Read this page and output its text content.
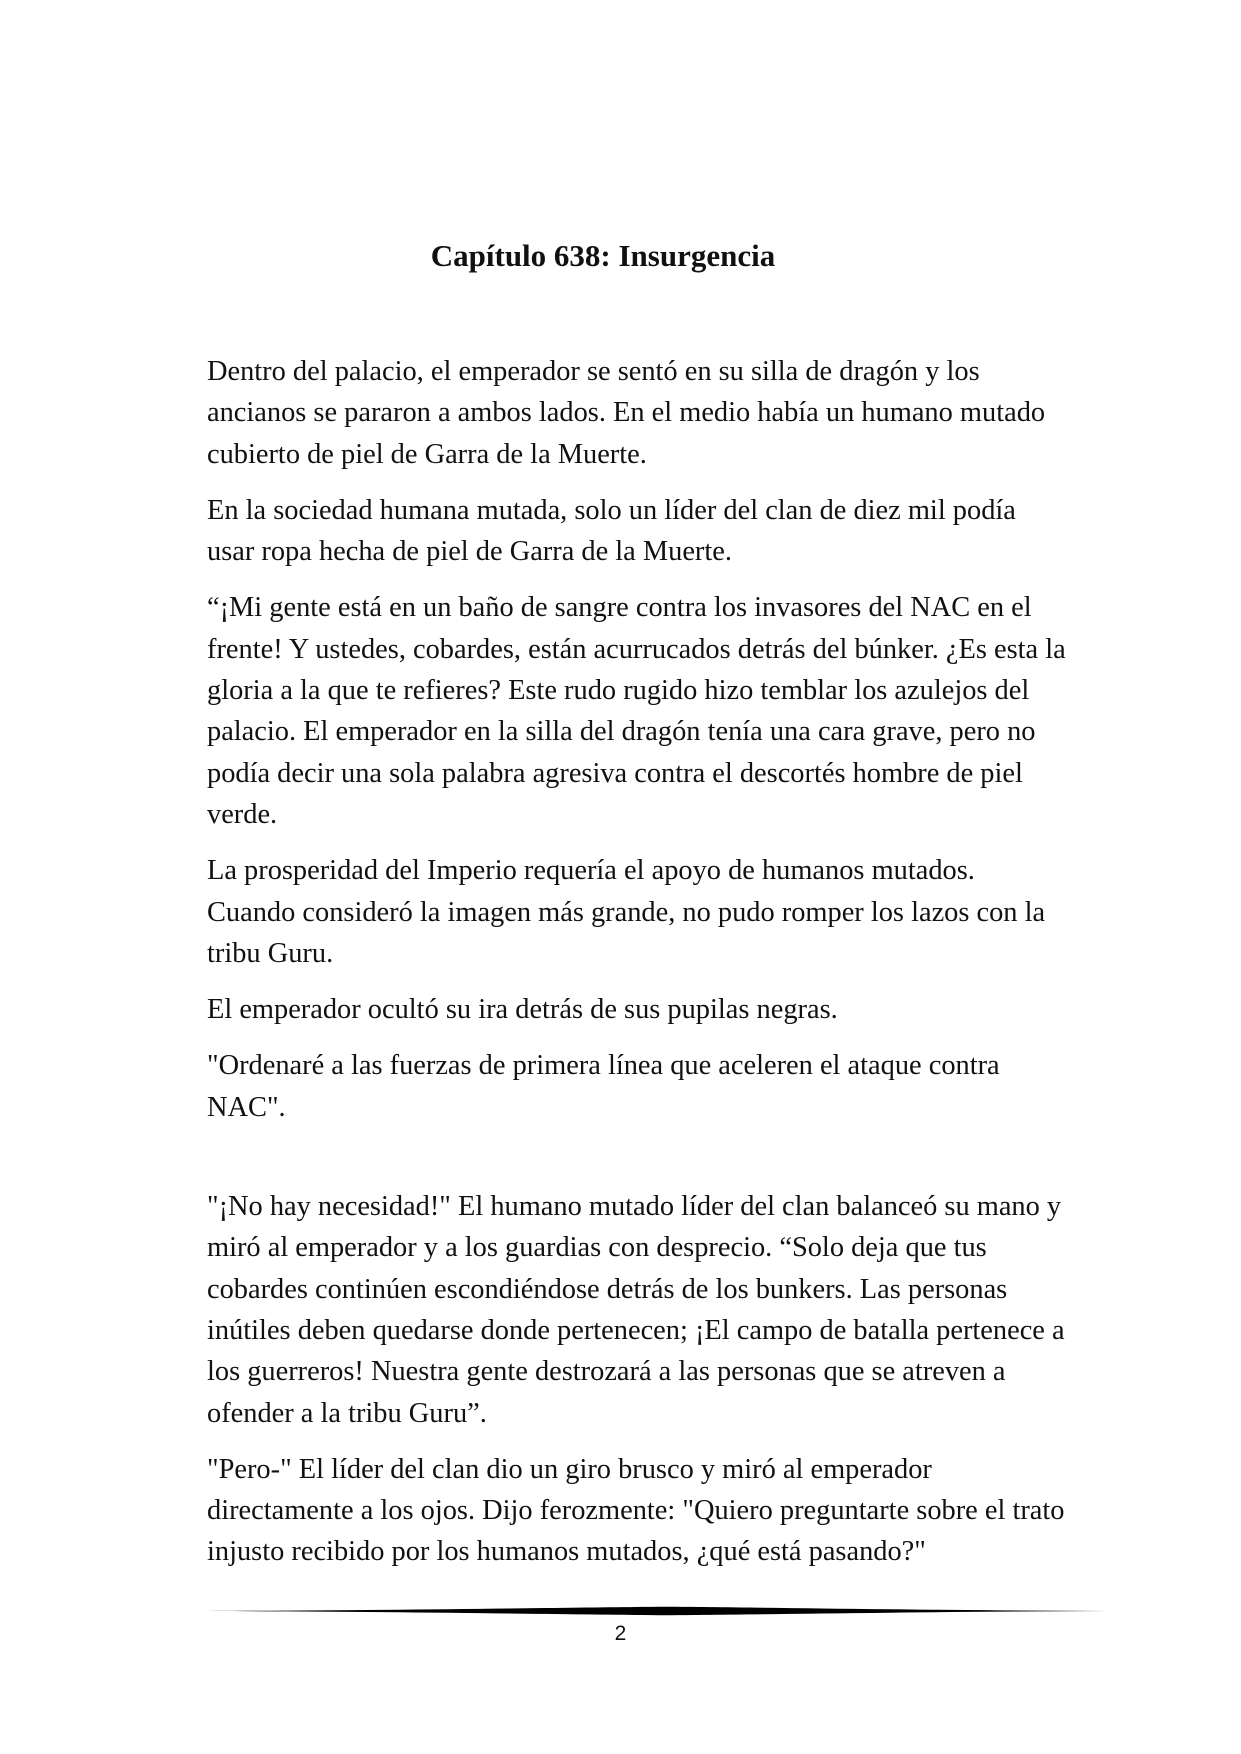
Capítulo 638: Insurgencia

Dentro del palacio, el emperador se sentó en su silla de dragón y los ancianos se pararon a ambos lados. En el medio había un humano mutado cubierto de piel de Garra de la Muerte.

En la sociedad humana mutada, solo un líder del clan de diez mil podía usar ropa hecha de piel de Garra de la Muerte.

“¡Mi gente está en un baño de sangre contra los invasores del NAC en el frente! Y ustedes, cobardes, están acurrucados detrás del búnker. ¿Es esta la gloria a la que te refieres? Este rudo rugido hizo temblar los azulejos del palacio. El emperador en la silla del dragón tenía una cara grave, pero no podía decir una sola palabra agresiva contra el descortés hombre de piel verde.

La prosperidad del Imperio requería el apoyo de humanos mutados. Cuando consideró la imagen más grande, no pudo romper los lazos con la tribu Guru.

El emperador ocultó su ira detrás de sus pupilas negras.

"Ordenaré a las fuerzas de primera línea que aceleren el ataque contra NAC".

"¡No hay necesidad!" El humano mutado líder del clan balanceó su mano y miró al emperador y a los guardias con desprecio. “Solo deja que tus cobardes continúen escondiéndose detrás de los bunkers. Las personas inútiles deben quedarse donde pertenecen; ¡El campo de batalla pertenece a los guerreros! Nuestra gente destrozará a las personas que se atreven a ofender a la tribu Guru”.

"Pero-" El líder del clan dio un giro brusco y miró al emperador directamente a los ojos. Dijo ferozmente: "Quiero preguntarte sobre el trato injusto recibido por los humanos mutados, ¿qué está pasando?"

2
